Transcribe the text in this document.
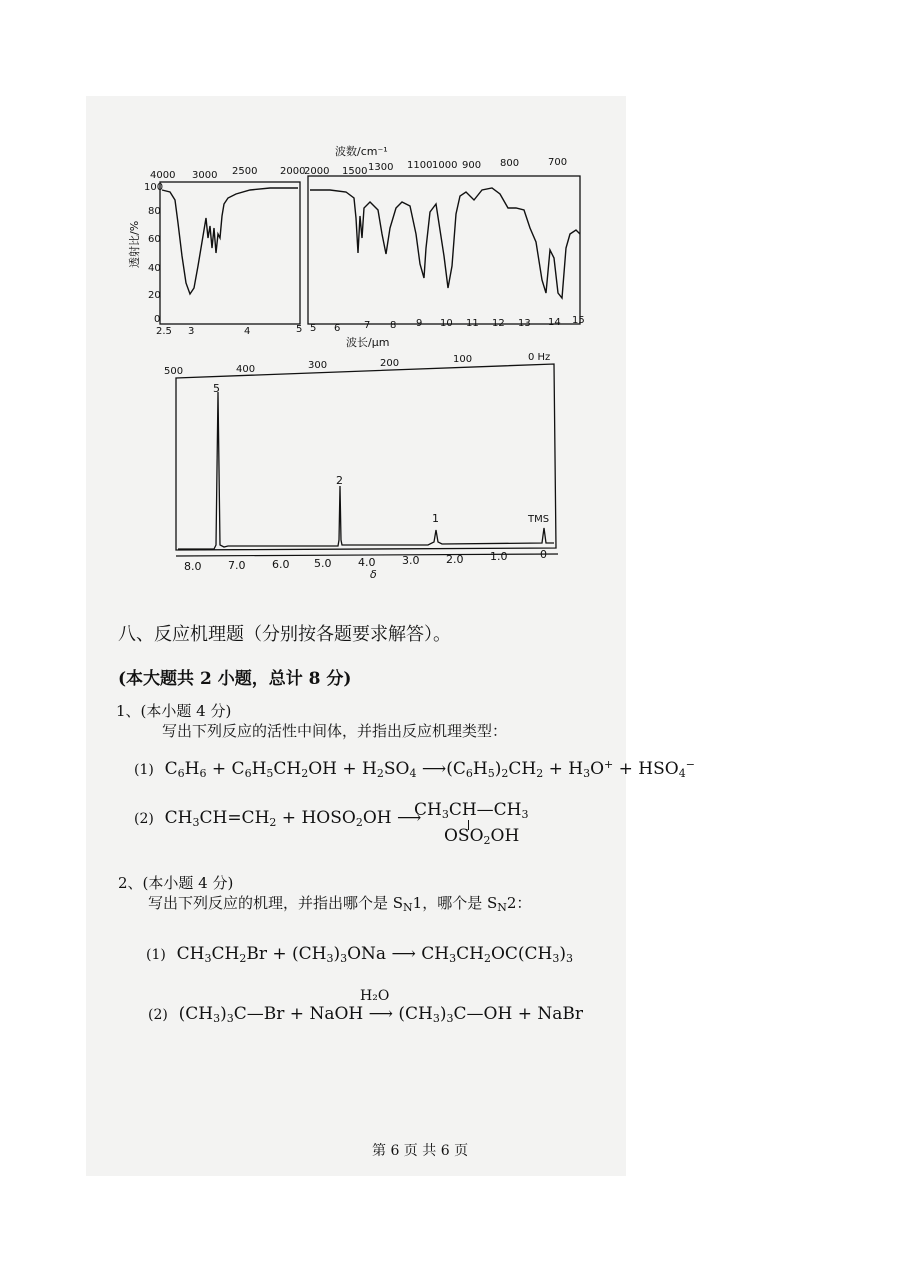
波数/cm⁻¹
4000 3000 2500 2000
2000 1500 1300 1100 1000 900 800	700
透射比/%
100
80
60
40
20
0
2.5 3	4	5 5 6 7 8 9 10 11 12 13 14 15
波长/μm
500	400	300	200	100	0 Hz
5
2
1	TMS
8.0 7.0 6.0 5.0 4.0 3.0 2.0 1.0	0
δ
八、反应机理题（分别按各题要求解答）。
(本大题共 2 小题，总计 8 分)
1、(本小题 4 分)
写出下列反应的活性中间体，并指出反应机理类型：
(1)  $C_6H_6 + C_6H_5CH_2OH + H_2SO_4$ $⟶(C_6H_5)_2CH_2 + H_3O^+ + HSO_4^-$
(2)  $CH_3CH=CH_2$ + $HOSO_2OH$ ⟶
$CH_3CH—CH_3$
$OSO_2OH$
2、(本小题 4 分)
写出下列反应的机理，并指出哪个是 $S_N1$，哪个是 $S_N2$：
(1)  $CH_3CH_2Br + (CH_3)_3ONa$ ⟶ $CH_3CH_2OC(CH_3)_3$
H₂O
(2)  $(CH_3)_3C—Br$ + NaOH ⟶ $(CH_3)_3C—OH$ + NaBr
第 6 页 共 6 页
